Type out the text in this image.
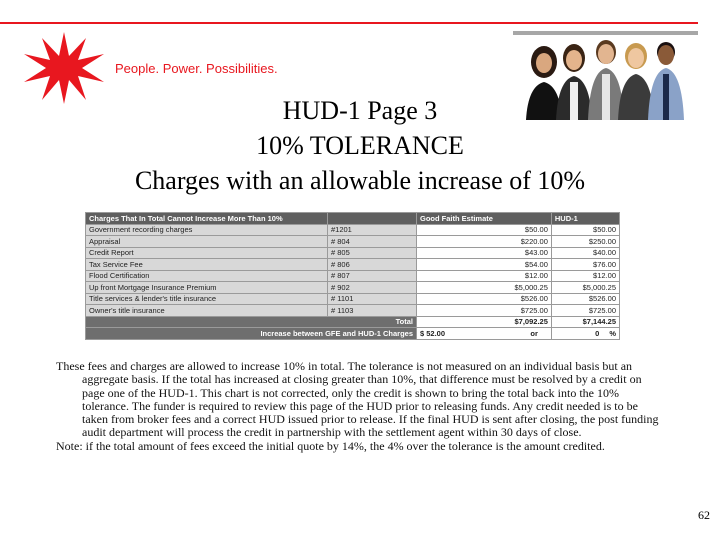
People. Power. Possibilities.
HUD-1 Page 3
10% TOLERANCE
Charges with an allowable increase of 10%
Charges That In Total Cannot Increase More Than 10%		Good Faith Estimate	HUD-1
Government recording charges	#1201	$50.00	$50.00
Appraisal	# 804	$220.00	$250.00
Credit Report	# 805	$43.00	$40.00
Tax Service Fee	# 806	$54.00	$76.00
Flood Certification	# 807	$12.00	$12.00
Up front Mortgage Insurance Premium	# 902	$5,000.25	$5,000.25
Title services & lender's title insurance	# 1101	$526.00	$526.00
Owner's title insurance	# 1103	$725.00	$725.00
Total		$7,092.25	$7,144.25
Increase between GFE and HUD-1 Charges		$ 52.00 or	0 %

These fees and charges are allowed to increase 10% in total. The tolerance is not measured on an individual basis but an aggregate basis. If the total has increased at closing greater than 10%, that difference must be resolved by a credit on page one of the HUD-1. This chart is not corrected, only the credit is shown to bring the total back into the 10% tolerance. The funder is required to review this page of the HUD prior to releasing funds. Any credit needed is to be taken from broker fees and a correct HUD issued prior to release. If the final HUD is sent after closing, the post funding audit department will process the credit in partnership with the settlement agent within 30 days of close.

Note: if the total amount of fees exceed the initial quote by 14%, the 4% over the tolerance is the amount credited.

62
